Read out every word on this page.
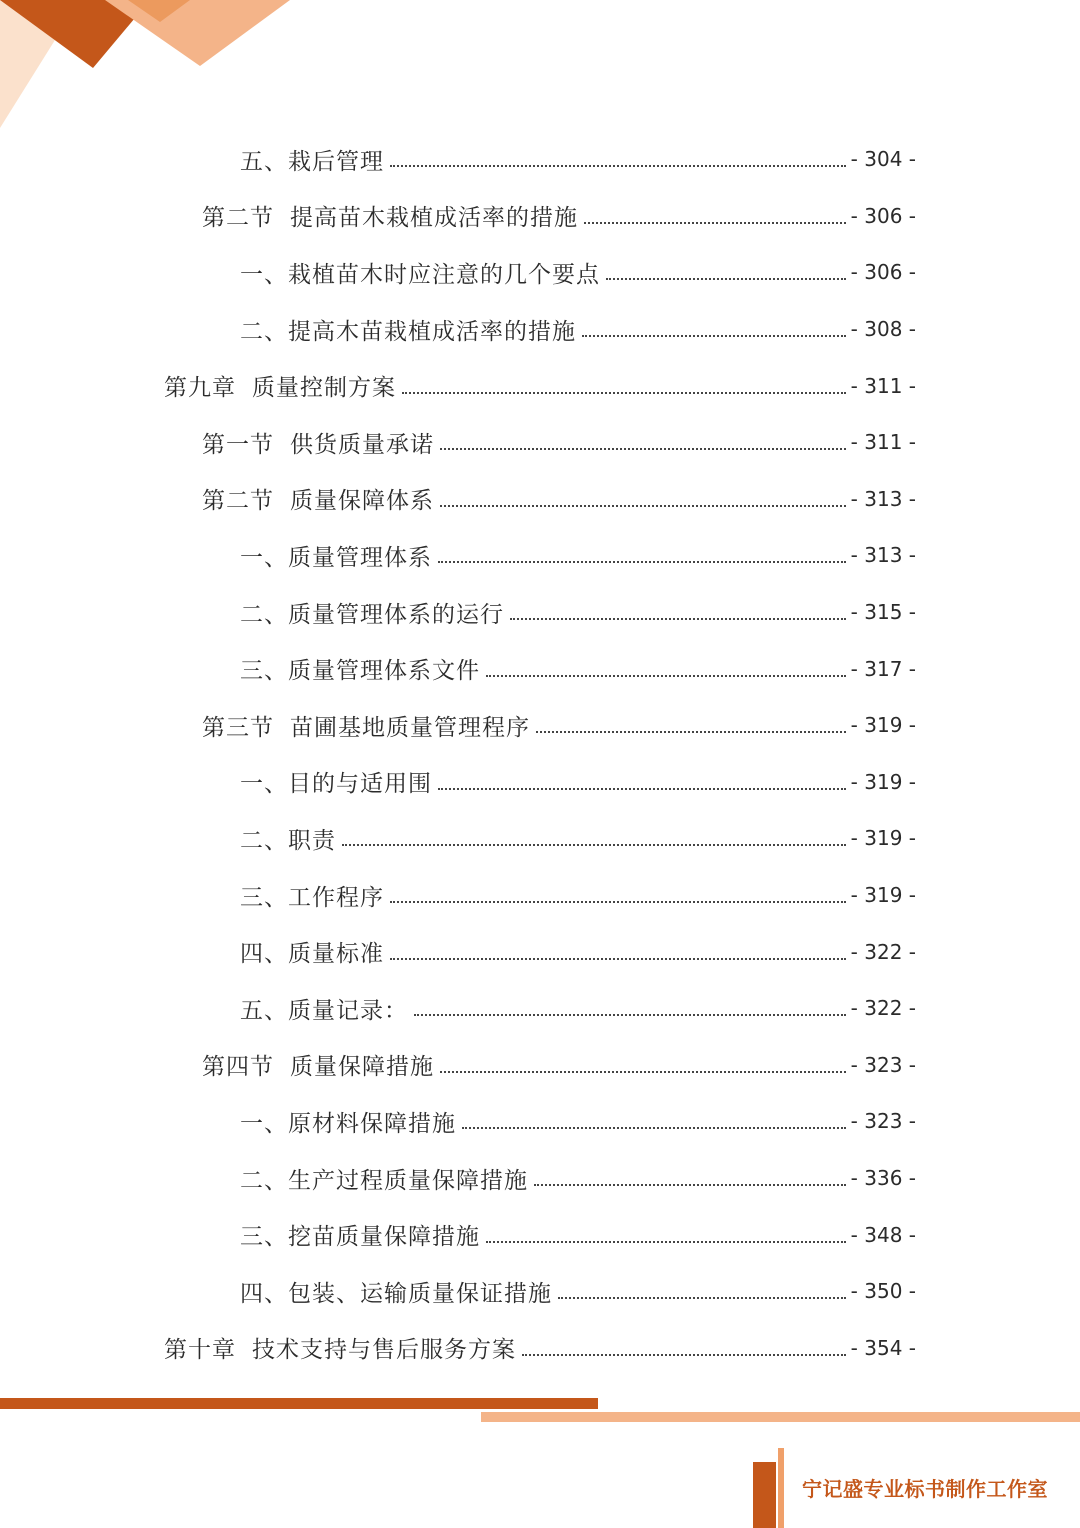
五、栽后管理	- 304 -
第二节 提高苗木栽植成活率的措施	- 306 -
一、栽植苗木时应注意的几个要点	- 306 -
二、提高木苗栽植成活率的措施	- 308 -
第九章 质量控制方案	- 311 -
第一节 供货质量承诺	- 311 -
第二节 质量保障体系	- 313 -
一、质量管理体系	- 313 -
二、质量管理体系的运行	- 315 -
三、质量管理体系文件	- 317 -
第三节 苗圃基地质量管理程序	- 319 -
一、目的与适用围	- 319 -
二、职责	- 319 -
三、工作程序	- 319 -
四、质量标准	- 322 -
五、质量记录：	- 322 -
第四节 质量保障措施	- 323 -
一、原材料保障措施	- 323 -
二、生产过程质量保障措施	- 336 -
三、挖苗质量保障措施	- 348 -
四、包装、运输质量保证措施	- 350 -
第十章 技术支持与售后服务方案	- 354 -
宁记盛专业标书制作工作室
